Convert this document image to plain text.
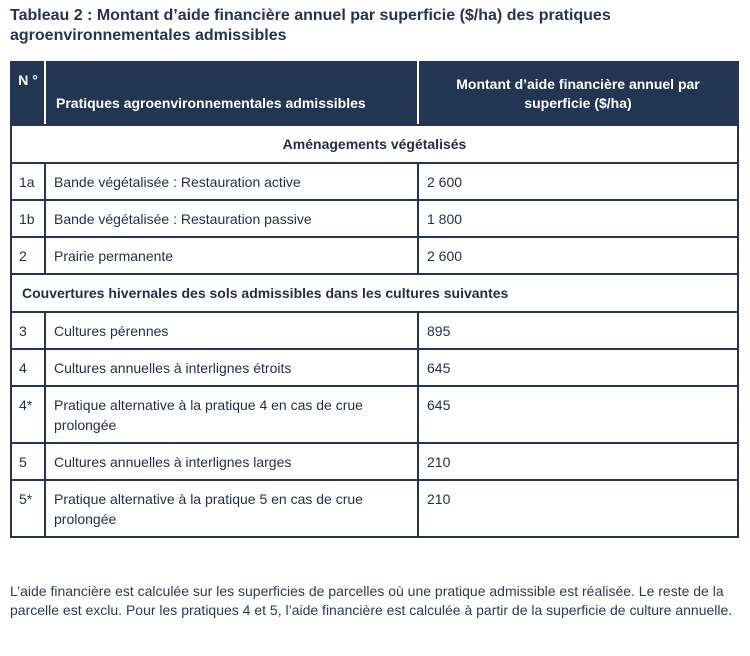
Tableau 2 : Montant d’aide financière annuel par superficie ($/ha) des pratiques agroenvironnementales admissibles
N °	Pratiques agroenvironnementales admissibles	Montant d’aide financière annuel par superficie ($/ha)
Aménagements végétalisés		
1a	Bande végétalisée : Restauration active	2 600
1b	Bande végétalisée : Restauration passive	1 800
2	Prairie permanente	2 600
Couvertures hivernales des sols admissibles dans les cultures suivantes		
3	Cultures pérennes	895
4	Cultures annuelles à interlignes étroits	645
4*	Pratique alternative à la pratique 4 en cas de crue prolongée	645
5	Cultures annuelles à interlignes larges	210
5*	Pratique alternative à la pratique 5 en cas de crue prolongée	210
L’aide financière est calculée sur les superficies de parcelles où une pratique admissible est réalisée. Le reste de la parcelle est exclu. Pour les pratiques 4 et 5, l’aide financière est calculée à partir de la superficie de culture annuelle.
